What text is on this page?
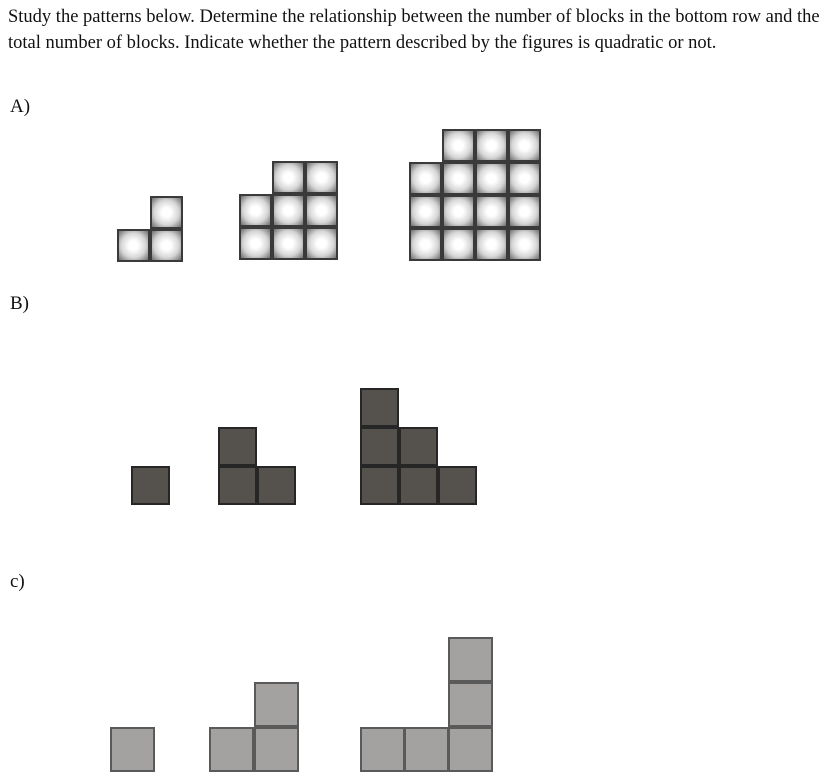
Study the patterns below. Determine the relationship between the number of blocks in the bottom row and the total number of blocks. Indicate whether the pattern described by the figures is quadratic or not.

A)
B)
c)
